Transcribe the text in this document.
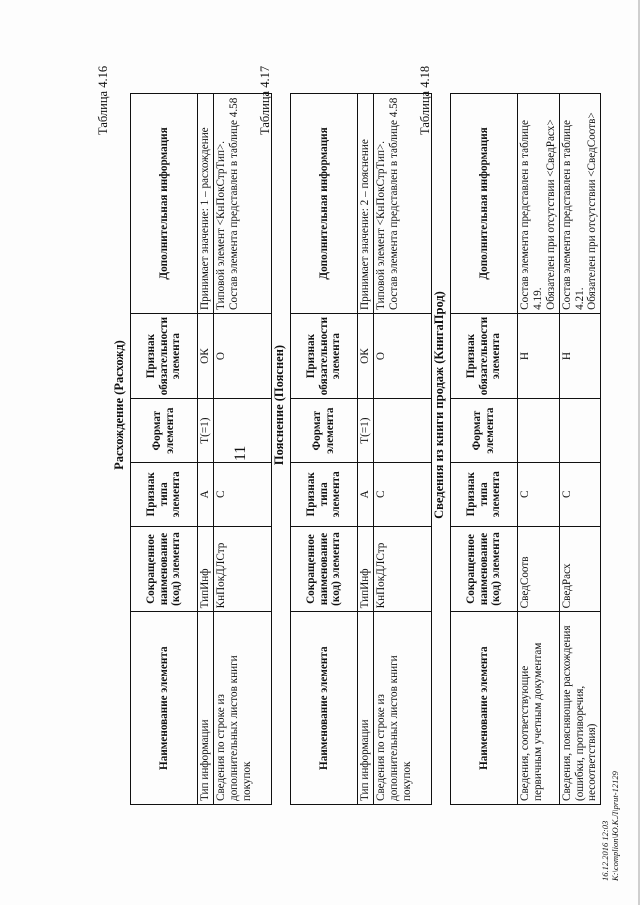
11
Таблица 4.16
Расхождение (Расхожд)
Наименование элемента	Сокращенное наименование (код) элемента	Признак типа элемента	Формат элемента	Признак обязательности элемента	Дополнительная информация
Тип информации	ТипИнф	А	T(=1)	ОК	Принимает значение: 1 – расхождение
Сведения по строке из дополнительных листов книги покупок	КнПокДЛСтр	С		О	Типовой элемент <КнПокСтрТип>. Состав элемента представлен в таблице 4.58 Таблица 4.17
Пояснение (Пояснен)
Наименование элемента	Сокращенное наименование (код) элемента	Признак типа элемента	Формат элемента	Признак обязательности элемента	Дополнительная информация
Тип информации	ТипИнф	А	T(=1)	ОК	Принимает значение: 2 – пояснение
Сведения по строке из дополнительных листов книги покупок	КнПокДЛСтр	С		О	Типовой элемент <КнПокСтрТип>. Состав элемента представлен в таблице 4.58 Таблица 4.18
Сведения из книги продаж (КнигаПрод)
Наименование элемента	Сокращенное наименование (код) элемента	Признак типа элемента	Формат элемента	Признак обязательности элемента	Дополнительная информация
Сведения, соответствующие первичным учетным документам	СведСоотв	С		Н	Состав элемента представлен в таблице 4.19. Обязателен при отсутствии <СведРасх>

Сведения, поясняющие расхождения (ошибки, противоречия, несоответствия)	СведРасх	С		Н	Состав элемента представлен в таблице 4.21. Обязателен при отсутствии <СведСоотв>
16.12.2016 12:03 К:\complion\Ю.К.Л\prut-12129
